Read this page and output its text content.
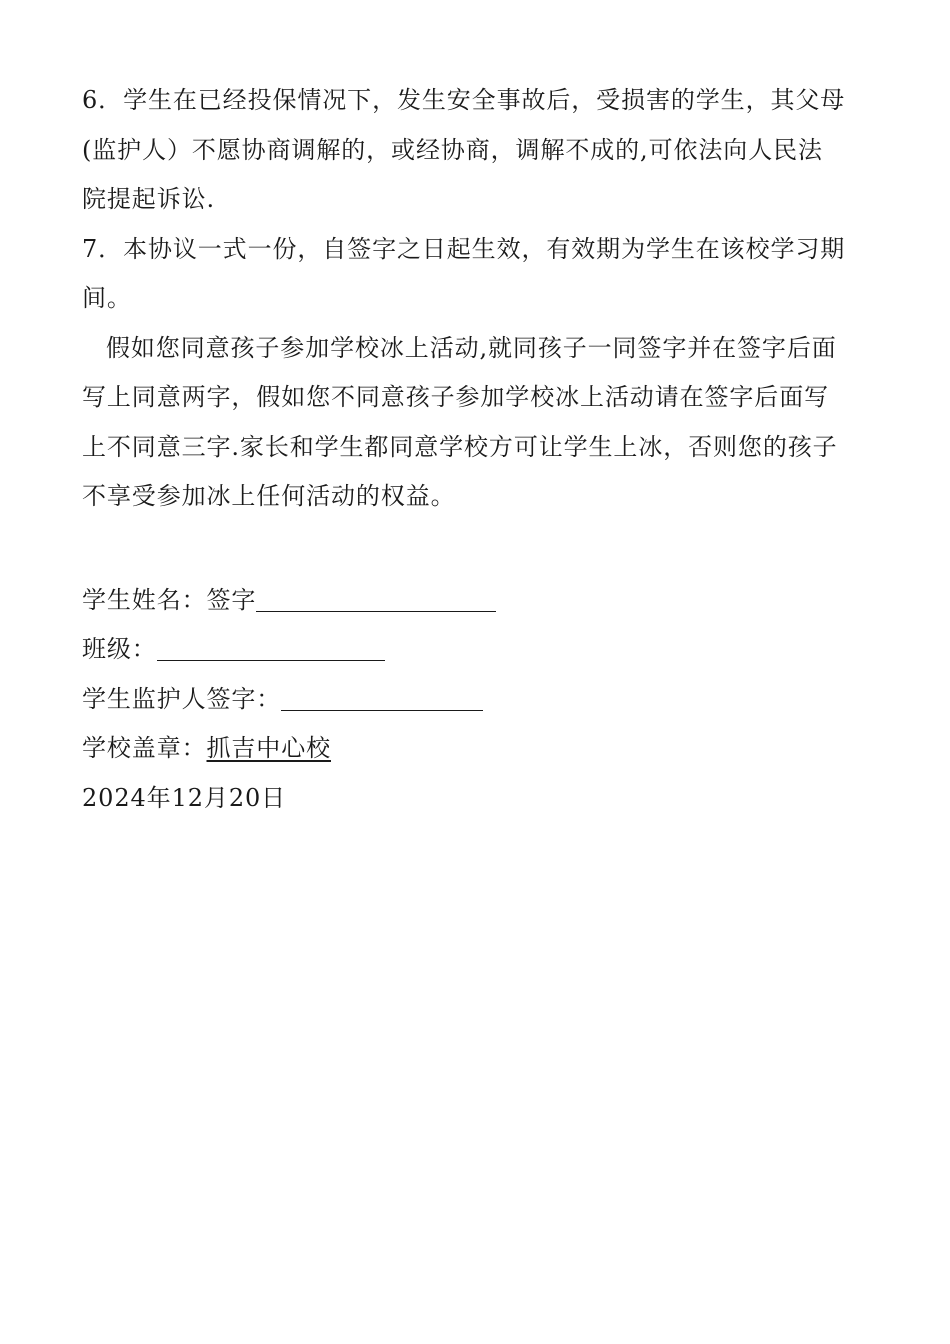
6．学生在已经投保情况下，发生安全事故后，受损害的学生，其父母
(监护人）不愿协商调解的，或经协商，调解不成的,可依法向人民法
院提起诉讼.
7．本协议一式一份，自签字之日起生效，有效期为学生在该校学习期
间。
假如您同意孩子参加学校冰上活动,就同孩子一同签字并在签字后面
写上同意两字，假如您不同意孩子参加学校冰上活动请在签字后面写
上不同意三字.家长和学生都同意学校方可让学生上冰，否则您的孩子
不享受参加冰上任何活动的权益。
学生姓名：签字
班级：
学生监护人签字：
学校盖章：抓吉中心校
2024年12月20日
